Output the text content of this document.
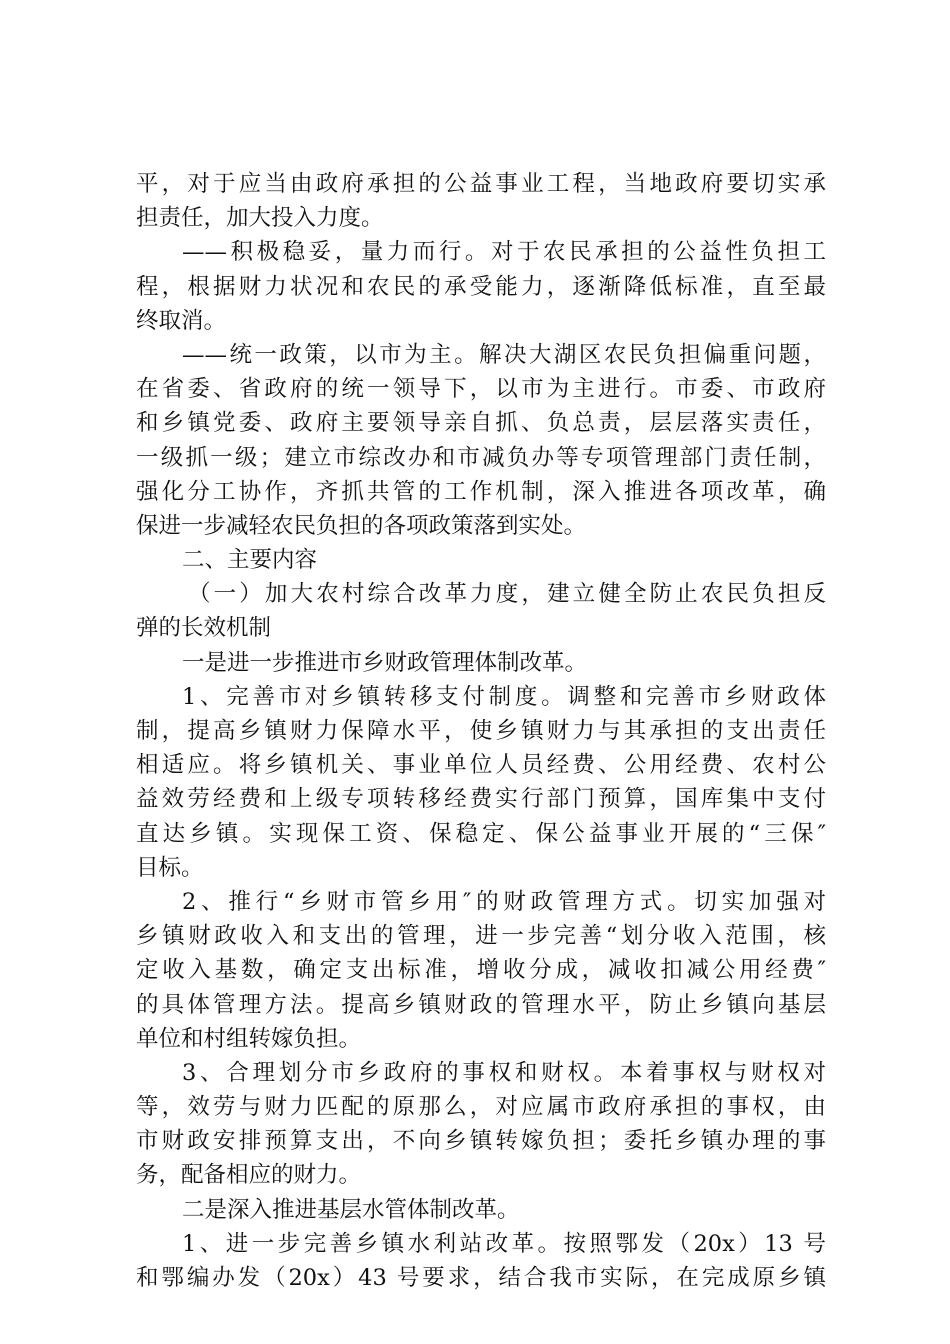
平，对于应当由政府承担的公益事业工程，当地政府要切实承
担责任，加大投入力度。
——积极稳妥，量力而行。对于农民承担的公益性负担工
程，根据财力状况和农民的承受能力，逐渐降低标准，直至最
终取消。
——统一政策，以市为主。解决大湖区农民负担偏重问题，
在省委、省政府的统一领导下，以市为主进行。市委、市政府
和乡镇党委、政府主要领导亲自抓、负总责，层层落实责任，
一级抓一级；建立市综改办和市减负办等专项管理部门责任制，
强化分工协作，齐抓共管的工作机制，深入推进各项改革，确
保进一步减轻农民负担的各项政策落到实处。
二、主要内容
（一）加大农村综合改革力度，建立健全防止农民负担反
弹的长效机制
一是进一步推进市乡财政管理体制改革。
1、完善市对乡镇转移支付制度。调整和完善市乡财政体
制，提高乡镇财力保障水平，使乡镇财力与其承担的支出责任
相适应。将乡镇机关、事业单位人员经费、公用经费、农村公
益效劳经费和上级专项转移经费实行部门预算，国库集中支付
直达乡镇。实现保工资、保稳定、保公益事业开展的“三保″
目标。
2、推行“乡财市管乡用″的财政管理方式。切实加强对
乡镇财政收入和支出的管理，进一步完善“划分收入范围，核
定收入基数，确定支出标准，增收分成，减收扣减公用经费″
的具体管理方法。提高乡镇财政的管理水平，防止乡镇向基层
单位和村组转嫁负担。
3、合理划分市乡政府的事权和财权。本着事权与财权对
等，效劳与财力匹配的原那么，对应属市政府承担的事权，由
市财政安排预算支出，不向乡镇转嫁负担；委托乡镇办理的事
务，配备相应的财力。
二是深入推进基层水管体制改革。
1、进一步完善乡镇水利站改革。按照鄂发（20x）13 号
和鄂编办发（20x）43 号要求，结合我市实际，在完成原乡镇
